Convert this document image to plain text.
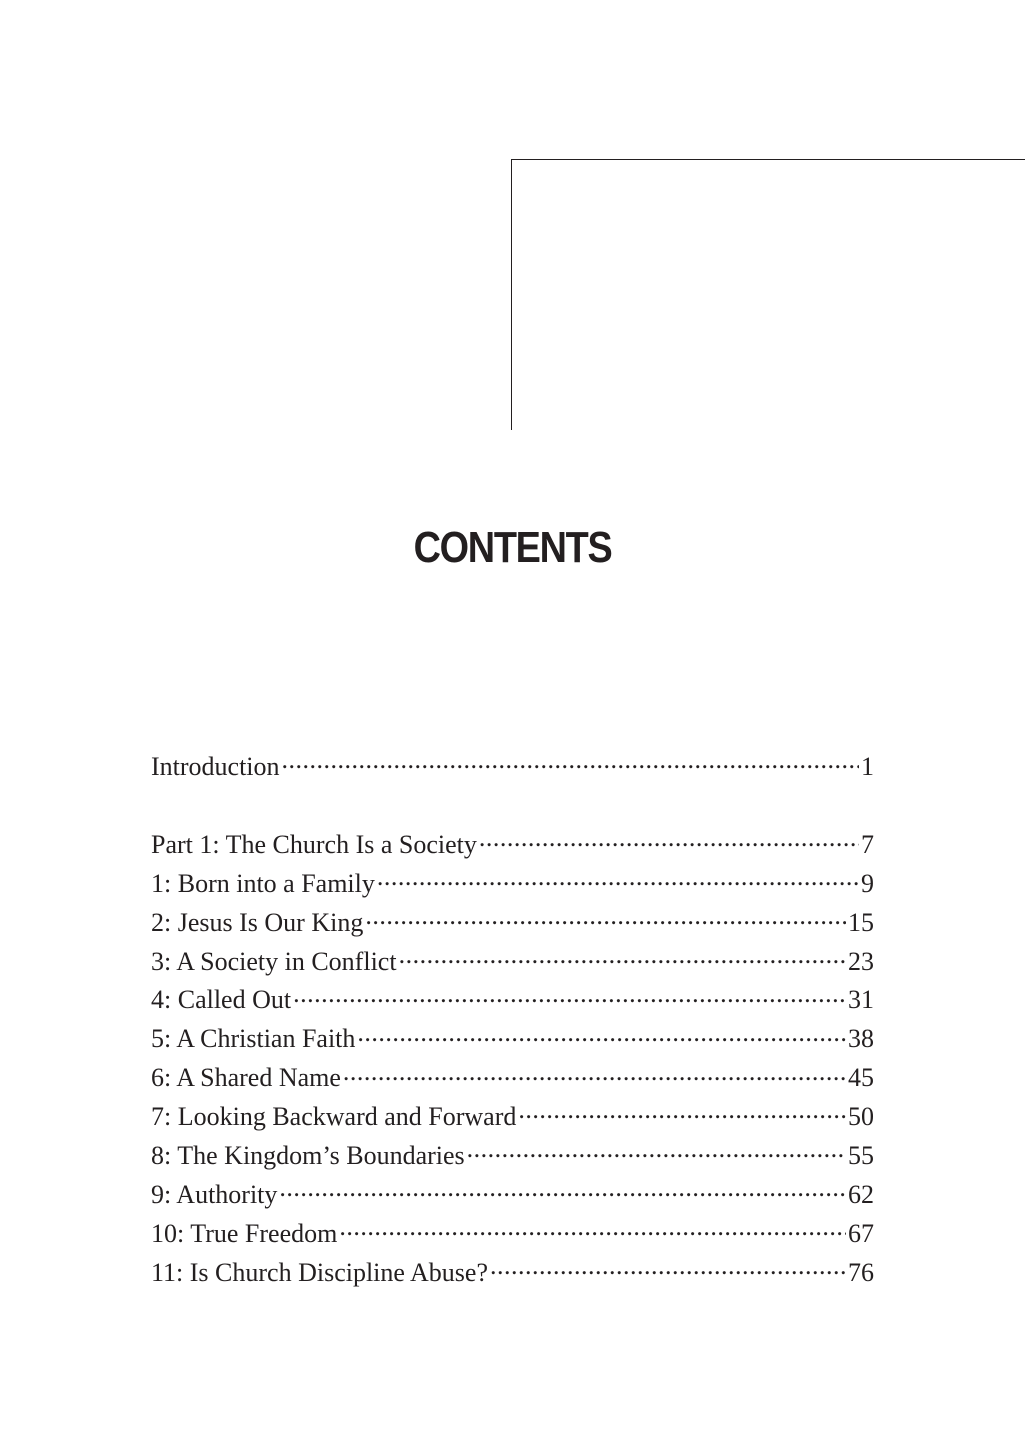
CONTENTS
Introduction .....	1
Part 1: The Church Is a Society .....	7
1: Born into a Family .....	9
2: Jesus Is Our King .....	15
3: A Society in Conflict .....	23
4: Called Out .....	31
5: A Christian Faith .....	38
6: A Shared Name .....	45
7: Looking Backward and Forward .....	50
8: The Kingdom’s Boundaries .....	55
9: Authority .....	62
10: True Freedom .....	67
11: Is Church Discipline Abuse? .....	76
